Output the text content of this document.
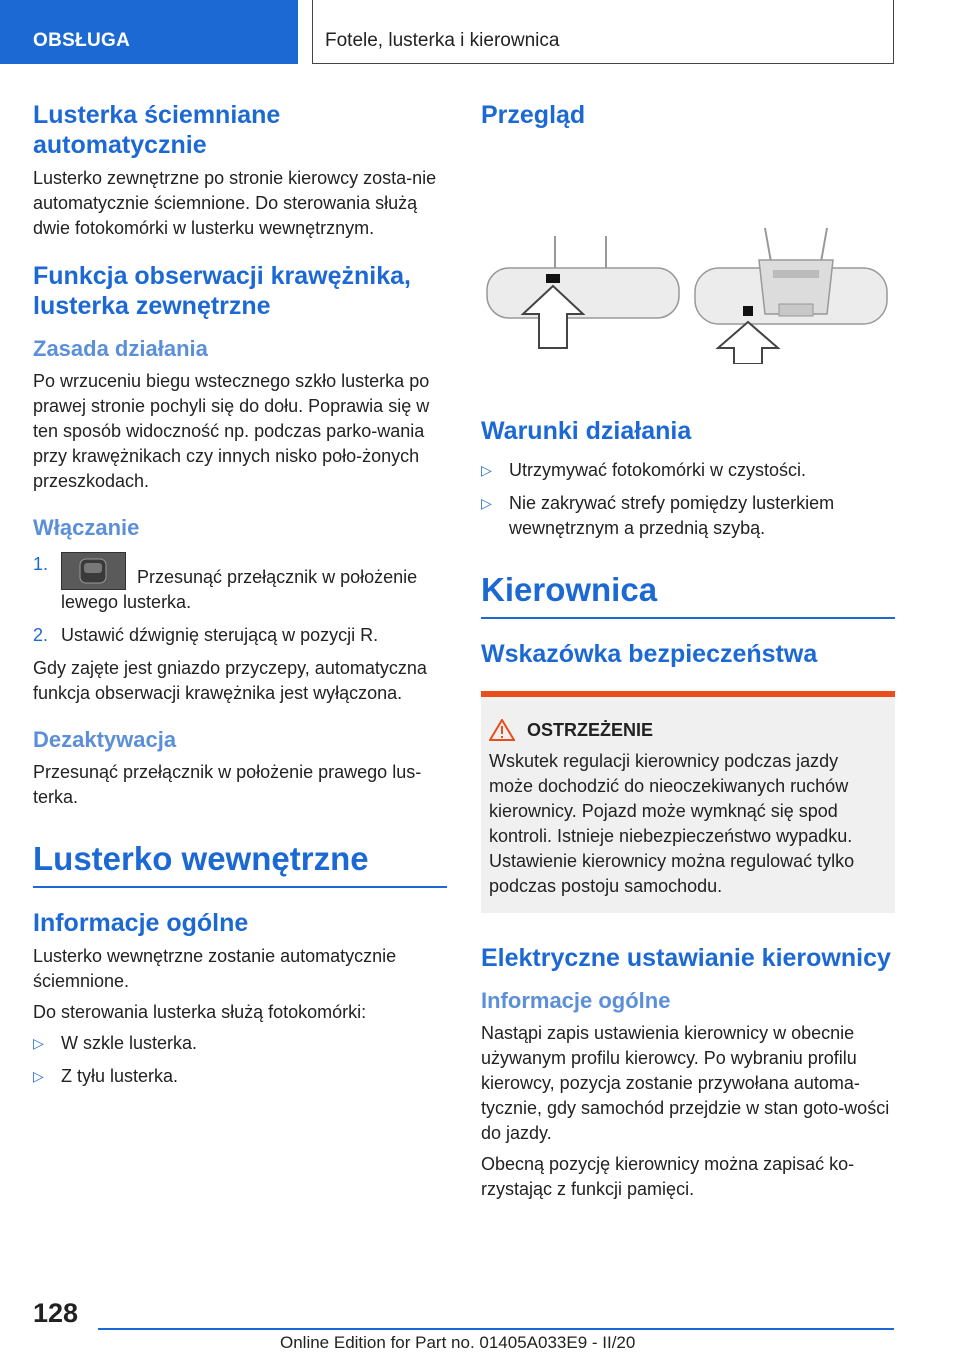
OBSŁUGA	Fotele, lusterka i kierownica
Lusterka ściemniane automatycznie

Lusterko zewnętrzne po stronie kierowcy zosta-nie automatycznie ściemnione. Do sterowania służą dwie fotokomórki w lusterku wewnętrznym.

Funkcja obserwacji krawężnika, lusterka zewnętrzne
Zasada działania

Po wrzuceniu biegu wstecznego szkło lusterka po prawej stronie pochyli się do dołu. Poprawia się w ten sposób widoczność np. podczas parko-wania przy krawężnikach czy innych nisko poło-żonych przeszkodach.

Włączanie
1.
Przesunąć przełącznik w położenie lewego lusterka.
2. Ustawić dźwignię sterującą w pozycji R.

Gdy zajęte jest gniazdo przyczepy, automatyczna funkcja obserwacji krawężnika jest wyłączona.

Dezaktywacja

Przesunąć przełącznik w położenie prawego lus-terka.

Lusterko wewnętrzne
Informacje ogólne

Lusterko wewnętrzne zostanie automatycznie ściemnione.

Do sterowania lusterka służą fotokomórki:

▷ W szkle lusterka.
▷ Z tyłu lusterka.
Przegląd
Warunki działania
▷ Utrzymywać fotokomórki w czystości.
▷ Nie zakrywać strefy pomiędzy lusterkiem wewnętrznym a przednią szybą.
Kierownica
Wskazówka bezpieczeństwa
OSTRZEŻENIE

Wskutek regulacji kierownicy podczas jazdy może dochodzić do nieoczekiwanych ruchów kierownicy. Pojazd może wymknąć się spod kontroli. Istnieje niebezpieczeństwo wypadku. Ustawienie kierownicy można regulować tylko podczas postoju samochodu.

Elektryczne ustawianie kierownicy
Informacje ogólne

Nastąpi zapis ustawienia kierownicy w obecnie używanym profilu kierowcy. Po wybraniu profilu kierowcy, pozycja zostanie przywołana automa-tycznie, gdy samochód przejdzie w stan goto-wości do jazdy.

Obecną pozycję kierownicy można zapisać ko-rzystając z funkcji pamięci.

128
Online Edition for Part no. 01405A033E9 - II/20
